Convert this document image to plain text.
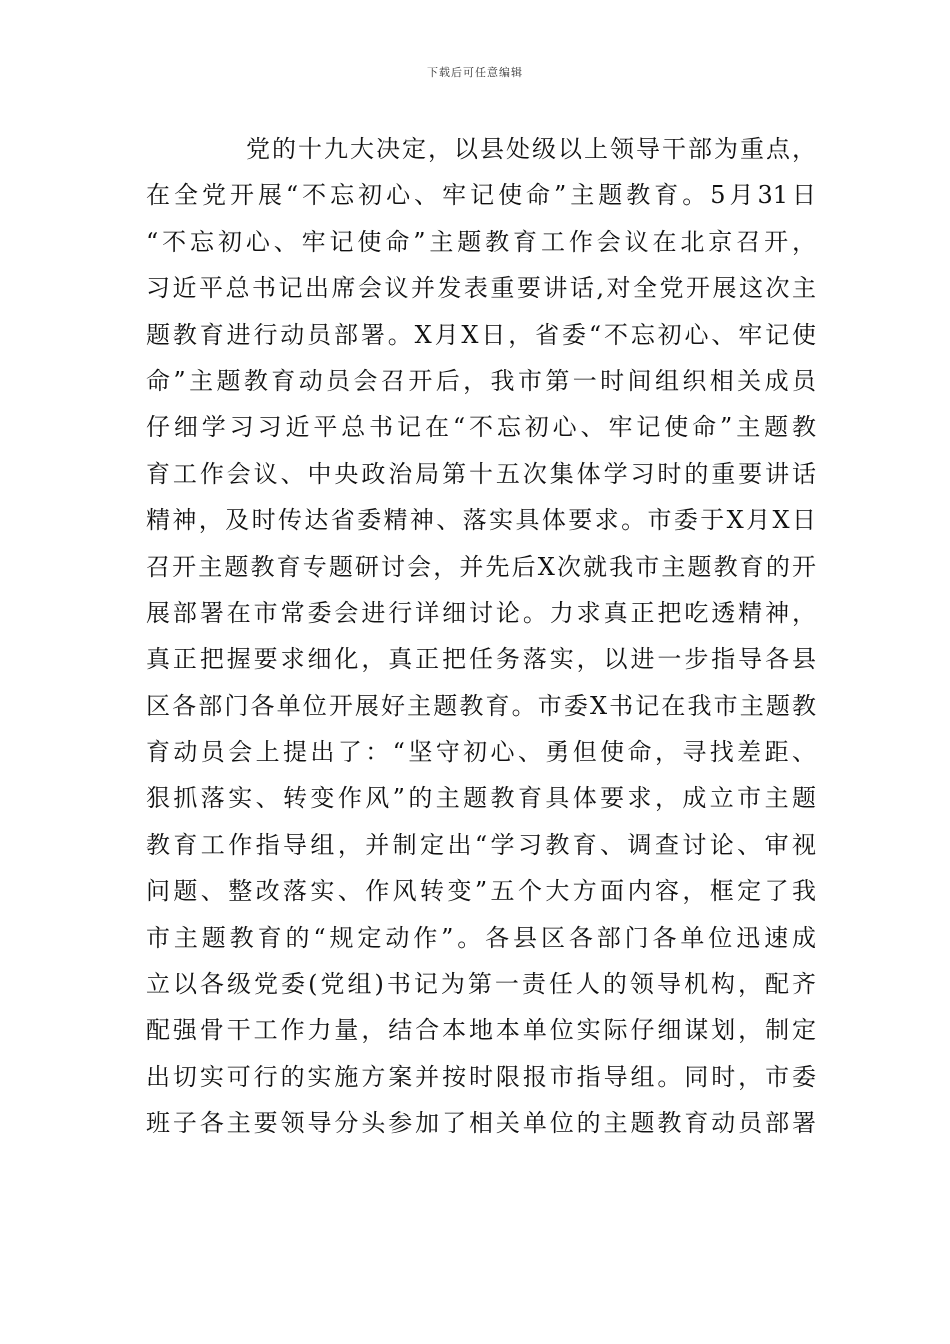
下载后可任意编辑
党的十九大决定，以县处级以上领导干部为重点，
在全党开展“不忘初心、牢记使命”主题教育。5月31日
“不忘初心、牢记使命”主题教育工作会议在北京召开，
习近平总书记出席会议并发表重要讲话,对全党开展这次主
题教育进行动员部署。X月X日，省委“不忘初心、牢记使
命”主题教育动员会召开后，我市第一时间组织相关成员
仔细学习习近平总书记在“不忘初心、牢记使命”主题教
育工作会议、中央政治局第十五次集体学习时的重要讲话
精神，及时传达省委精神、落实具体要求。市委于X月X日
召开主题教育专题研讨会，并先后X次就我市主题教育的开
展部署在市常委会进行详细讨论。力求真正把吃透精神，
真正把握要求细化，真正把任务落实，以进一步指导各县
区各部门各单位开展好主题教育。市委X书记在我市主题教
育动员会上提出了：“坚守初心、勇但使命，寻找差距、
狠抓落实、转变作风”的主题教育具体要求，成立市主题
教育工作指导组，并制定出“学习教育、调查讨论、审视
问题、整改落实、作风转变”五个大方面内容，框定了我
市主题教育的“规定动作”。各县区各部门各单位迅速成
立以各级党委(党组)书记为第一责任人的领导机构，配齐
配强骨干工作力量，结合本地本单位实际仔细谋划，制定
出切实可行的实施方案并按时限报市指导组。同时，市委
班子各主要领导分头参加了相关单位的主题教育动员部署
